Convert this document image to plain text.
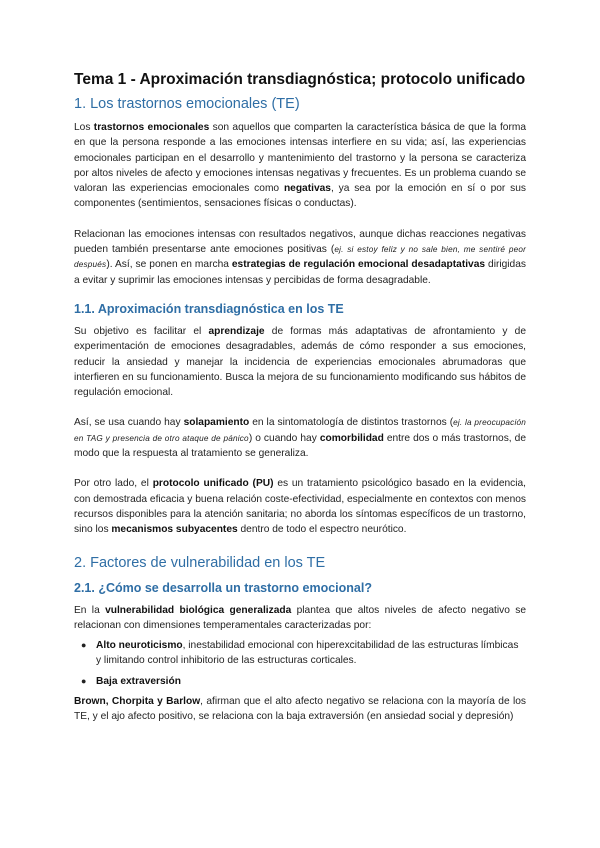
Tema 1 - Aproximación transdiagnóstica; protocolo unificado
1. Los trastornos emocionales (TE)

Los trastornos emocionales son aquellos que comparten la característica básica de que la forma en que la persona responde a las emociones intensas interfiere en su vida; así, las experiencias emocionales participan en el desarrollo y mantenimiento del trastorno y la persona se caracteriza por altos niveles de afecto y emociones intensas negativas y frecuentes. Es un problema cuando se valoran las experiencias emocionales como negativas, ya sea por la emoción en sí o por sus componentes (sentimientos, sensaciones físicas o conductas).

Relacionan las emociones intensas con resultados negativos, aunque dichas reacciones negativas pueden también presentarse ante emociones positivas (ej. si estoy feliz y no sale bien, me sentiré peor después). Así, se ponen en marcha estrategias de regulación emocional desadaptativas dirigidas a evitar y suprimir las emociones intensas y percibidas de forma desagradable.

1.1. Aproximación transdiagnóstica en los TE

Su objetivo es facilitar el aprendizaje de formas más adaptativas de afrontamiento y de experimentación de emociones desagradables, además de cómo responder a sus emociones, reducir la ansiedad y manejar la incidencia de experiencias emocionales abrumadoras que interfieren en su funcionamiento. Busca la mejora de su funcionamiento modificando sus hábitos de regulación emocional.

Así, se usa cuando hay solapamiento en la sintomatología de distintos trastornos (ej. la preocupación en TAG y presencia de otro ataque de pánico) o cuando hay comorbilidad entre dos o más trastornos, de modo que la respuesta al tratamiento se generaliza.

Por otro lado, el protocolo unificado (PU) es un tratamiento psicológico basado en la evidencia, con demostrada eficacia y buena relación coste-efectividad, especialmente en contextos con menos recursos disponibles para la atención sanitaria; no aborda los síntomas específicos de un trastorno, sino los mecanismos subyacentes dentro de todo el espectro neurótico.

2. Factores de vulnerabilidad en los TE
2.1. ¿Cómo se desarrolla un trastorno emocional?

En la vulnerabilidad biológica generalizada plantea que altos niveles de afecto negativo se relacionan con dimensiones temperamentales caracterizadas por:

● Alto neuroticismo, inestabilidad emocional con hiperexcitabilidad de las estructuras límbicas y limitando control inhibitorio de las estructuras corticales.
● Baja extraversión

Brown, Chorpita y Barlow, afirman que el alto afecto negativo se relaciona con la mayoría de los TE, y el ajo afecto positivo, se relaciona con la baja extraversión (en ansiedad social y depresión)
